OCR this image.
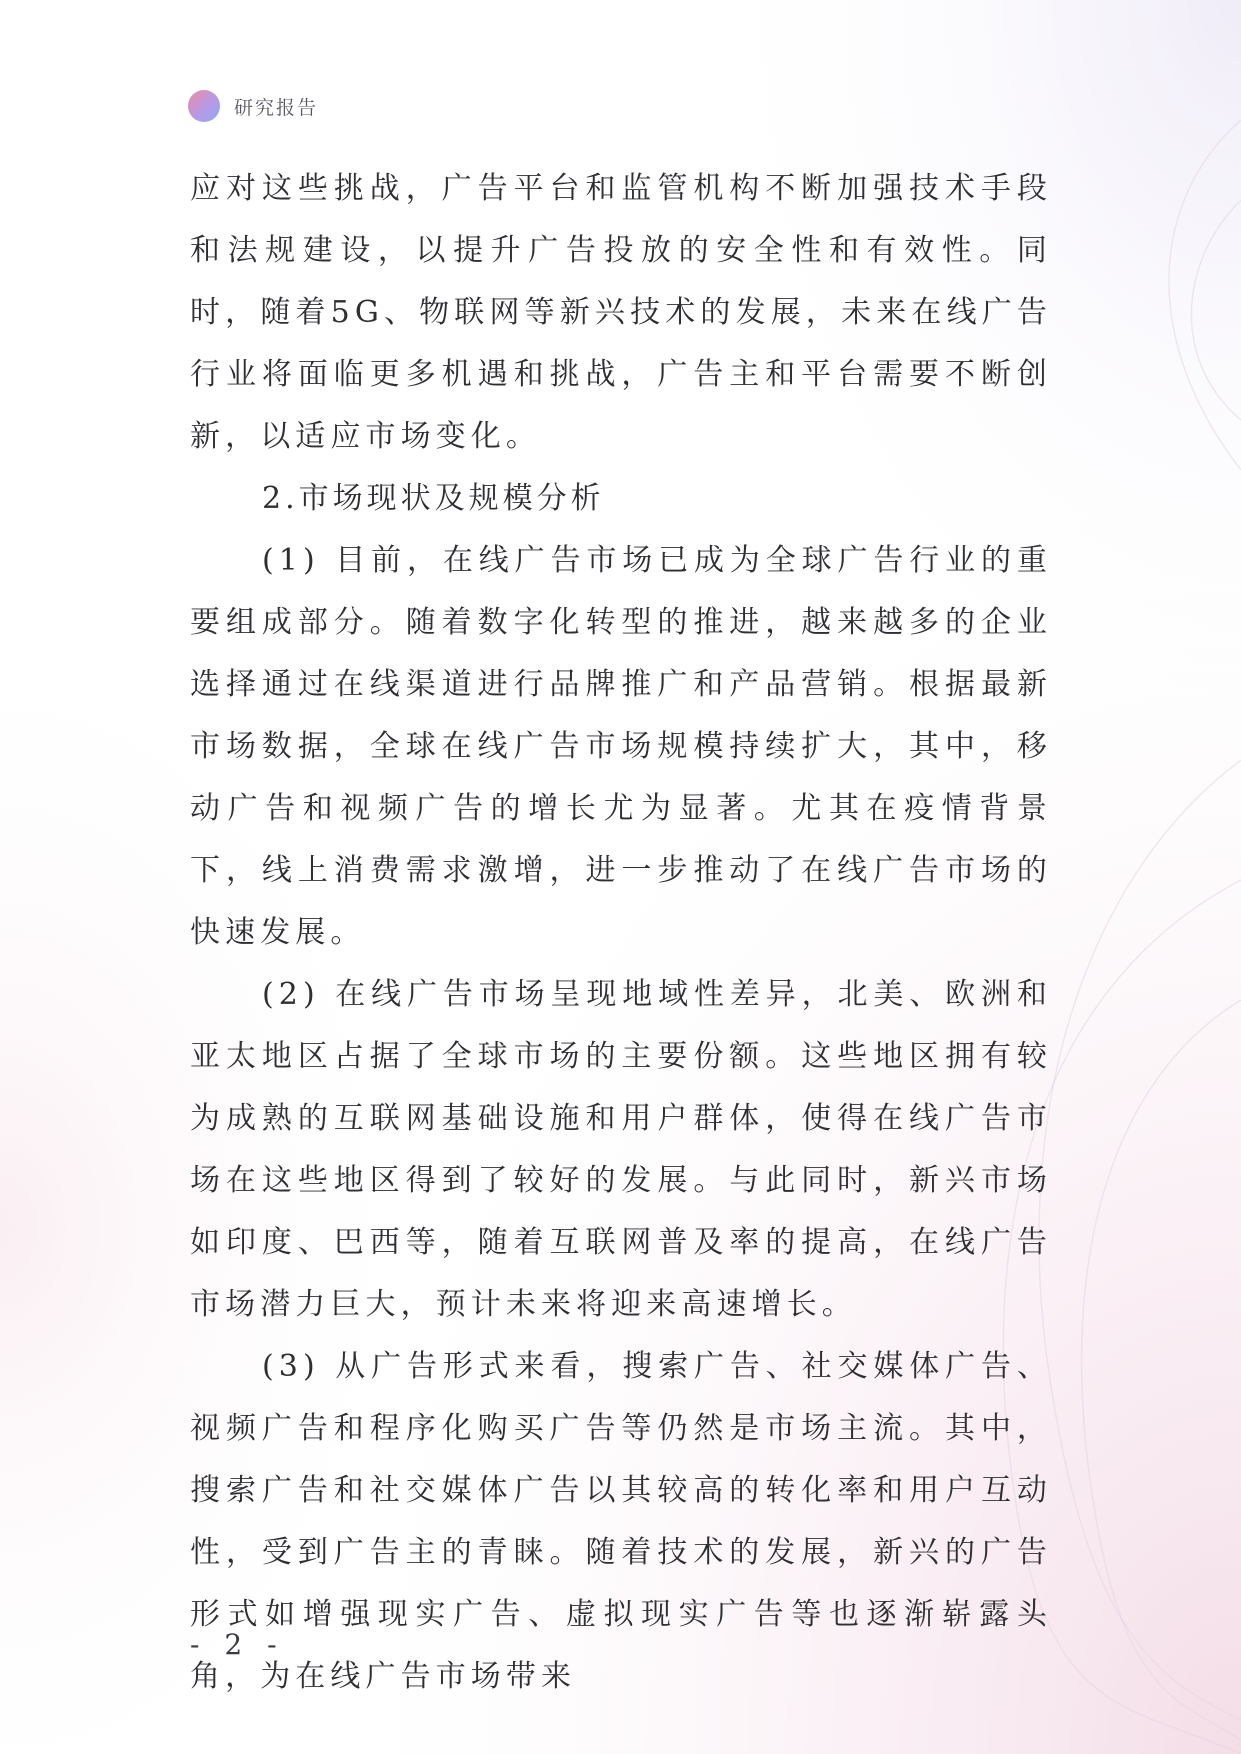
研究报告

应对这些挑战，广告平台和监管机构不断加强技术手段和法规建设，以提升广告投放的安全性和有效性。同时，随着5G、物联网等新兴技术的发展，未来在线广告行业将面临更多机遇和挑战，广告主和平台需要不断创新，以适应市场变化。

2.市场现状及规模分析

(1) 目前，在线广告市场已成为全球广告行业的重要组成部分。随着数字化转型的推进，越来越多的企业选择通过在线渠道进行品牌推广和产品营销。根据最新市场数据，全球在线广告市场规模持续扩大，其中，移动广告和视频广告的增长尤为显著。尤其在疫情背景下，线上消费需求激增，进一步推动了在线广告市场的快速发展。

(2) 在线广告市场呈现地域性差异，北美、欧洲和亚太地区占据了全球市场的主要份额。这些地区拥有较为成熟的互联网基础设施和用户群体，使得在线广告市场在这些地区得到了较好的发展。与此同时，新兴市场如印度、巴西等，随着互联网普及率的提高，在线广告市场潜力巨大，预计未来将迎来高速增长。

(3) 从广告形式来看，搜索广告、社交媒体广告、视频广告和程序化购买广告等仍然是市场主流。其中，搜索广告和社交媒体广告以其较高的转化率和用户互动性，受到广告主的青睐。随着技术的发展，新兴的广告形式如增强现实广告、虚拟现实广告等也逐渐崭露头角，为在线广告市场带来

- 2 -
